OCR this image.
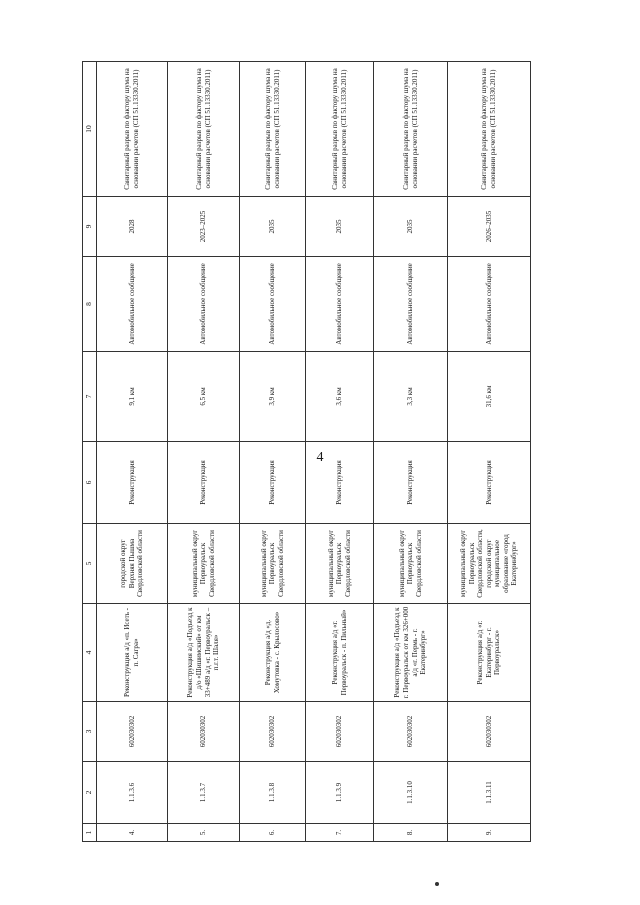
4
1	2	3	4	5	6	7	8	9	10
4.	1.1.3.6	602030302	Реконструкция а/д «п. Исеть - п. Сагра»	городской округ Верхняя Пышма Свердловской области	Реконструкция	9,1 км	Автомобильное сообщение	2028	Санитарный разрыв по фактору шума на основании расчетов (СП 51.13330.2011)
5.	1.1.3.7	602030302	Реконструкция а/д «Подъезд к д/о «Шишимский» от км 33+489 а/д «г. Первоуральск – п.г.т. Шаля»	муниципальный округ Первоуральск Свердловской области	Реконструкция	6,5 км	Автомобильное сообщение	2023–2025	Санитарный разрыв по фактору шума на основании расчетов (СП 51.13330.2011)
6.	1.1.3.8	602030302	Реконструкция а/д «д. Хомутовка - с. Крылосово»	муниципальный округ Первоуральск Свердловской области	Реконструкция	3,9 км	Автомобильное сообщение	2035	Санитарный разрыв по фактору шума на основании расчетов (СП 51.13330.2011)
7.	1.1.3.9	602030302	Реконструкция а/д «г. Первоуральск - п. Пильный»	муниципальный округ Первоуральск Свердловской области	Реконструкция	3,6 км	Автомобильное сообщение	2035	Санитарный разрыв по фактору шума на основании расчетов (СП 51.13330.2011)
8.	1.1.3.10	602030302	Реконструкция а/д «Подъезд к г. Первоуральск от км 326+000 а/д «г. Пермь - г. Екатеринбург»	муниципальный округ Первоуральск Свердловской области	Реконструкция	3,3 км	Автомобильное сообщение	2035	Санитарный разрыв по фактору шума на основании расчетов (СП 51.13330.2011)
9.	1.1.3.11	602030302	Реконструкция а/д «г. Екатеринбург - г. Первоуральск»	муниципальный округ Первоуральск Свердловской области, городской округ муниципальное образование «город Екатеринбург»	Реконструкция	31,6 км	Автомобильное сообщение	2026–2035	Санитарный разрыв по фактору шума на основании расчетов (СП 51.13330.2011)
